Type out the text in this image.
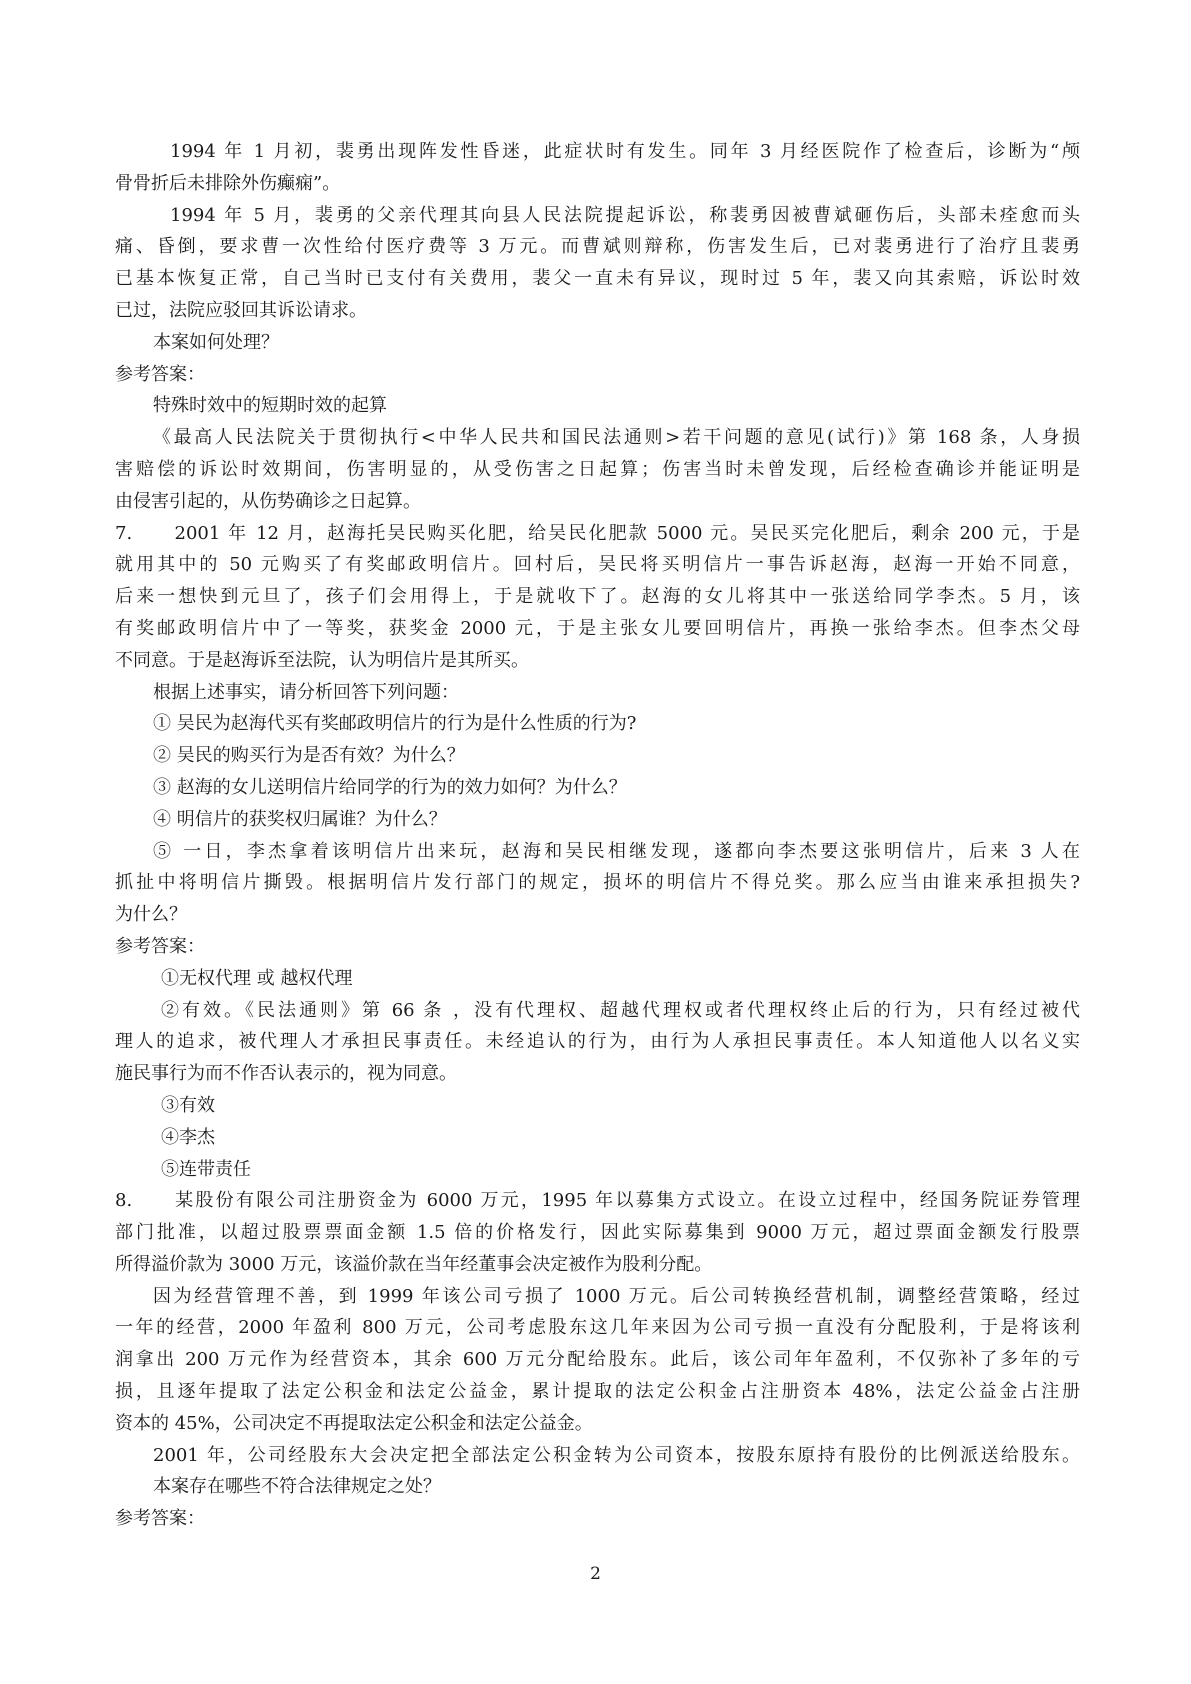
1994 年 1 月初，裴勇出现阵发性昏迷，此症状时有发生。同年 3 月经医院作了检查后，诊断为“颅
骨骨折后未排除外伤癫痫”。
1994 年 5 月，裴勇的父亲代理其向县人民法院提起诉讼，称裴勇因被曹斌砸伤后，头部未痊愈而头
痛、昏倒，要求曹一次性给付医疗费等 3 万元。而曹斌则辩称，伤害发生后，已对裴勇进行了治疗且裴勇
已基本恢复正常，自己当时已支付有关费用，裴父一直未有异议，现时过 5 年，裴又向其索赔，诉讼时效
已过，法院应驳回其诉讼请求。
本案如何处理？
参考答案：
特殊时效中的短期时效的起算
《最高人民法院关于贯彻执行<中华人民共和国民法通则>若干问题的意见(试行)》第 168 条，人身损
害赔偿的诉讼时效期间，伤害明显的，从受伤害之日起算；伤害当时未曾发现，后经检查确诊并能证明是
由侵害引起的，从伤势确诊之日起算。
7.　　2001 年 12 月，赵海托吴民购买化肥，给吴民化肥款 5000 元。吴民买完化肥后，剩余 200 元，于是
就用其中的 50 元购买了有奖邮政明信片。回村后，吴民将买明信片一事告诉赵海，赵海一开始不同意，
后来一想快到元旦了，孩子们会用得上，于是就收下了。赵海的女儿将其中一张送给同学李杰。5 月，该
有奖邮政明信片中了一等奖，获奖金 2000 元，于是主张女儿要回明信片，再换一张给李杰。但李杰父母
不同意。于是赵海诉至法院，认为明信片是其所买。
根据上述事实，请分析回答下列问题：
① 吴民为赵海代买有奖邮政明信片的行为是什么性质的行为?
② 吴民的购买行为是否有效？为什么？
③ 赵海的女儿送明信片给同学的行为的效力如何？为什么？
④ 明信片的获奖权归属谁？为什么？
⑤ 一日，李杰拿着该明信片出来玩，赵海和吴民相继发现，遂都向李杰要这张明信片，后来 3 人在
抓扯中将明信片撕毁。根据明信片发行部门的规定，损坏的明信片不得兑奖。那么应当由谁来承担损失?
为什么？
参考答案：
①无权代理 或 越权代理
②有效。《民法通则》第 66 条 ，没有代理权、超越代理权或者代理权终止后的行为，只有经过被代
理人的追求，被代理人才承担民事责任。未经追认的行为，由行为人承担民事责任。本人知道他人以名义实
施民事行为而不作否认表示的，视为同意。
③有效
④李杰
⑤连带责任
8.　　某股份有限公司注册资金为 6000 万元，1995 年以募集方式设立。在设立过程中，经国务院证券管理
部门批准，以超过股票票面金额 1.5 倍的价格发行，因此实际募集到 9000 万元，超过票面金额发行股票
所得溢价款为 3000 万元，该溢价款在当年经董事会决定被作为股利分配。
因为经营管理不善，到 1999 年该公司亏损了 1000 万元。后公司转换经营机制，调整经营策略，经过
一年的经营，2000 年盈利 800 万元，公司考虑股东这几年来因为公司亏损一直没有分配股利，于是将该利
润拿出 200 万元作为经营资本，其余 600 万元分配给股东。此后，该公司年年盈利，不仅弥补了多年的亏
损，且逐年提取了法定公积金和法定公益金，累计提取的法定公积金占注册资本 48%，法定公益金占注册
资本的 45%，公司决定不再提取法定公积金和法定公益金。
2001 年，公司经股东大会决定把全部法定公积金转为公司资本，按股东原持有股份的比例派送给股东。
本案存在哪些不符合法律规定之处？
参考答案：
2
